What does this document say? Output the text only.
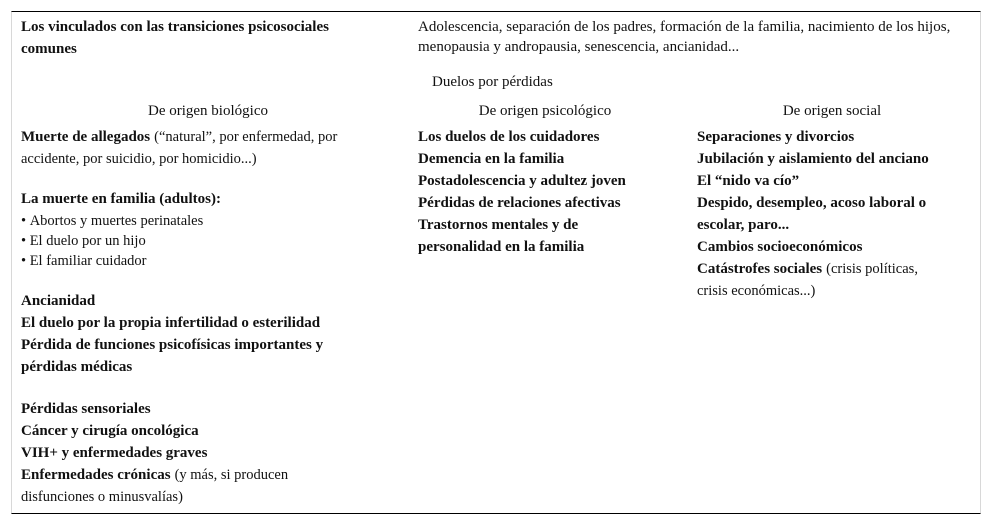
Los vinculados con las transiciones psicosociales comunes
Adolescencia, separación de los padres, formación de la familia, nacimiento de los hijos, menopausia y andropausia, senescencia, ancianidad...
Duelos por pérdidas
De origen biológico	De origen psicológico	De origen social
Muerte de allegados (“natural”, por enfermedad, por accidente, por suicidio, por homicidio...)
La muerte en familia (adultos):
• Abortos y muertes perinatales
• El duelo por un hijo
• El familiar cuidador
Ancianidad
El duelo por la propia infertilidad o esterilidad
Pérdida de funciones psicofísicas importantes y pérdidas médicas
Pérdidas sensoriales
Cáncer y cirugía oncológica
VIH+ y enfermedades graves
Enfermedades crónicas (y más, si producen disfunciones o minusvalías)
Los duelos de los cuidadores
Demencia en la familia
Postadolescencia y adultez joven
Pérdidas de relaciones afectivas
Trastornos mentales y de personalidad en la familia
Separaciones y divorcios
Jubilación y aislamiento del anciano
El “nido va cío”
Despido, desempleo, acoso laboral o escolar, paro...
Cambios socioeconómicos
Catástrofes sociales (crisis políticas, crisis económicas...)
